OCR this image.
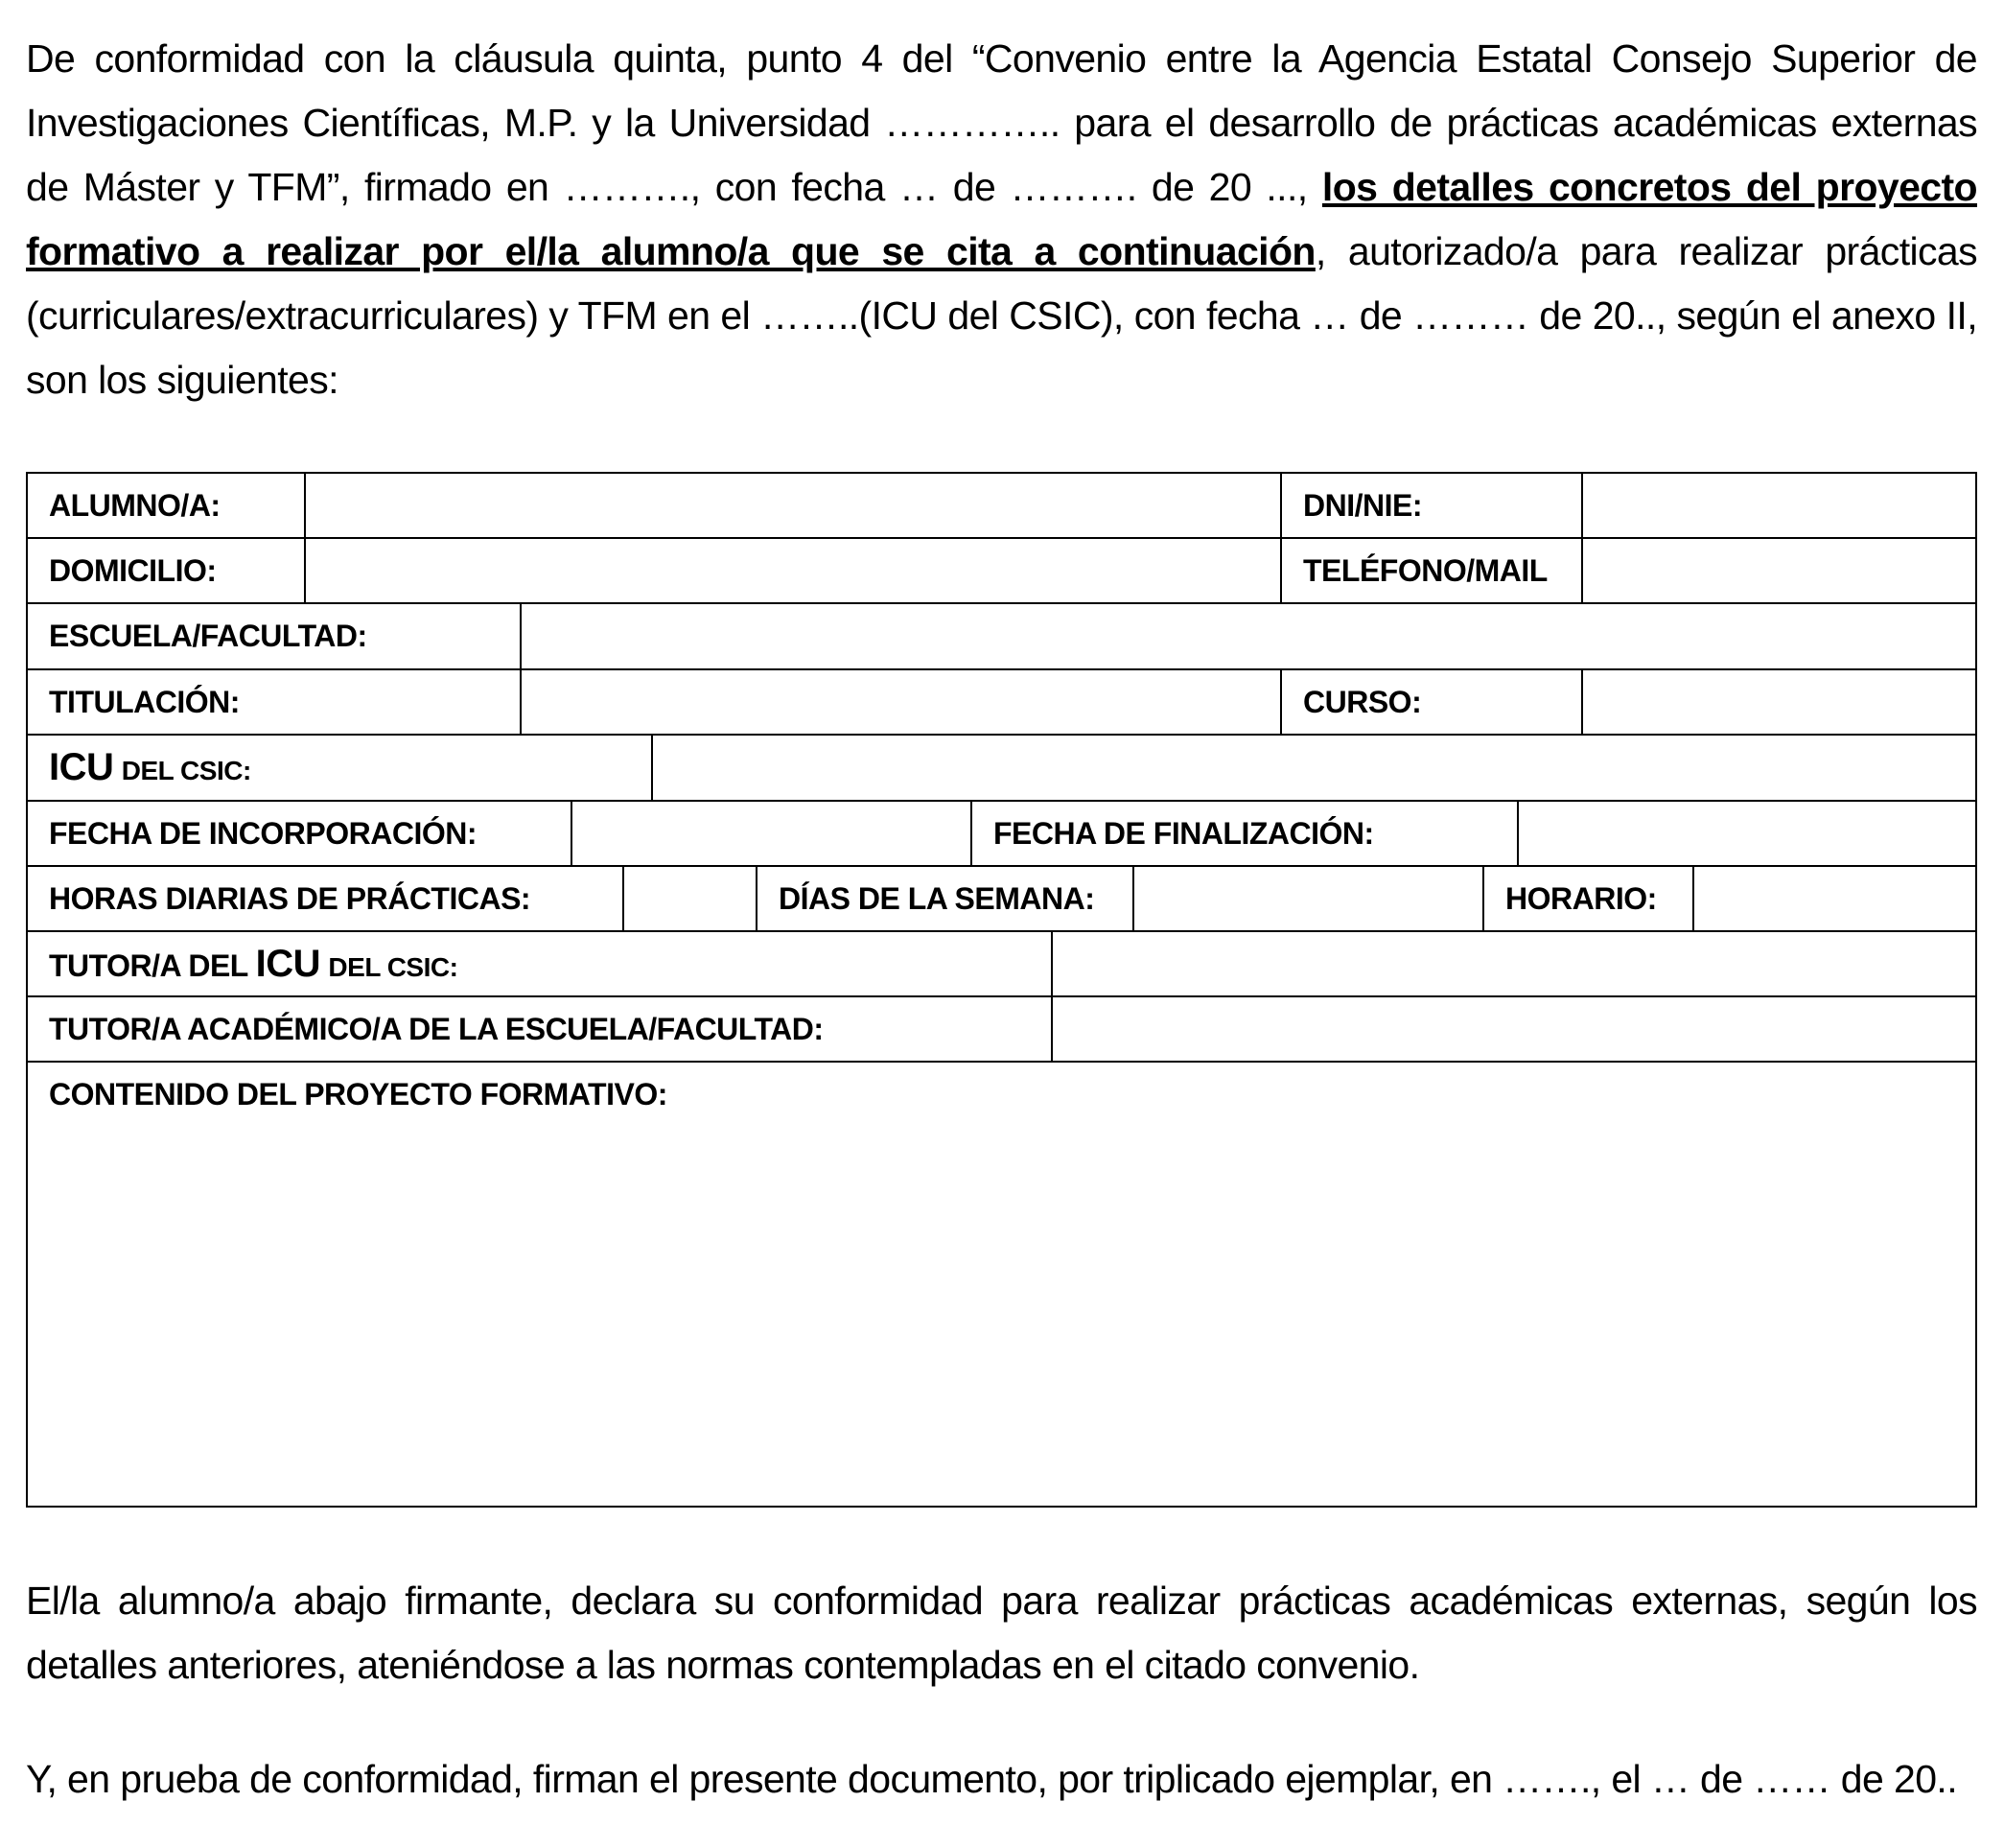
De conformidad con la cláusula quinta, punto 4 del “Convenio entre la Agencia Estatal Consejo Superior de Investigaciones Científicas, M.P. y la Universidad ………….. para el desarrollo de prácticas académicas externas de Máster y TFM”, firmado en ………., con fecha … de ………. de 20 ..., los detalles concretos del proyecto formativo a realizar por el/la alumno/a que se cita a continuación, autorizado/a para realizar prácticas (curriculares/extracurriculares) y TFM en el ……..(ICU del CSIC), con fecha … de ……… de 20.., según el anexo II, son los siguientes:

ALUMNO/A:	DNI/NIE:
DOMICILIO:	TELÉFONO/MAIL
ESCUELA/FACULTAD:
TITULACIÓN:	CURSO:
ICU DEL CSIC:
FECHA DE INCORPORACIÓN:	FECHA DE FINALIZACIÓN:
HORAS DIARIAS DE PRÁCTICAS:	DÍAS DE LA SEMANA:	HORARIO:
TUTOR/A DEL ICU DEL CSIC:
TUTOR/A ACADÉMICO/A DE LA ESCUELA/FACULTAD:
CONTENIDO DEL PROYECTO FORMATIVO:

El/la alumno/a abajo firmante, declara su conformidad para realizar prácticas académicas externas, según los detalles anteriores, ateniéndose a las normas contempladas en el citado convenio.

Y, en prueba de conformidad, firman el presente documento, por triplicado ejemplar, en ……., el … de …… de 20..
